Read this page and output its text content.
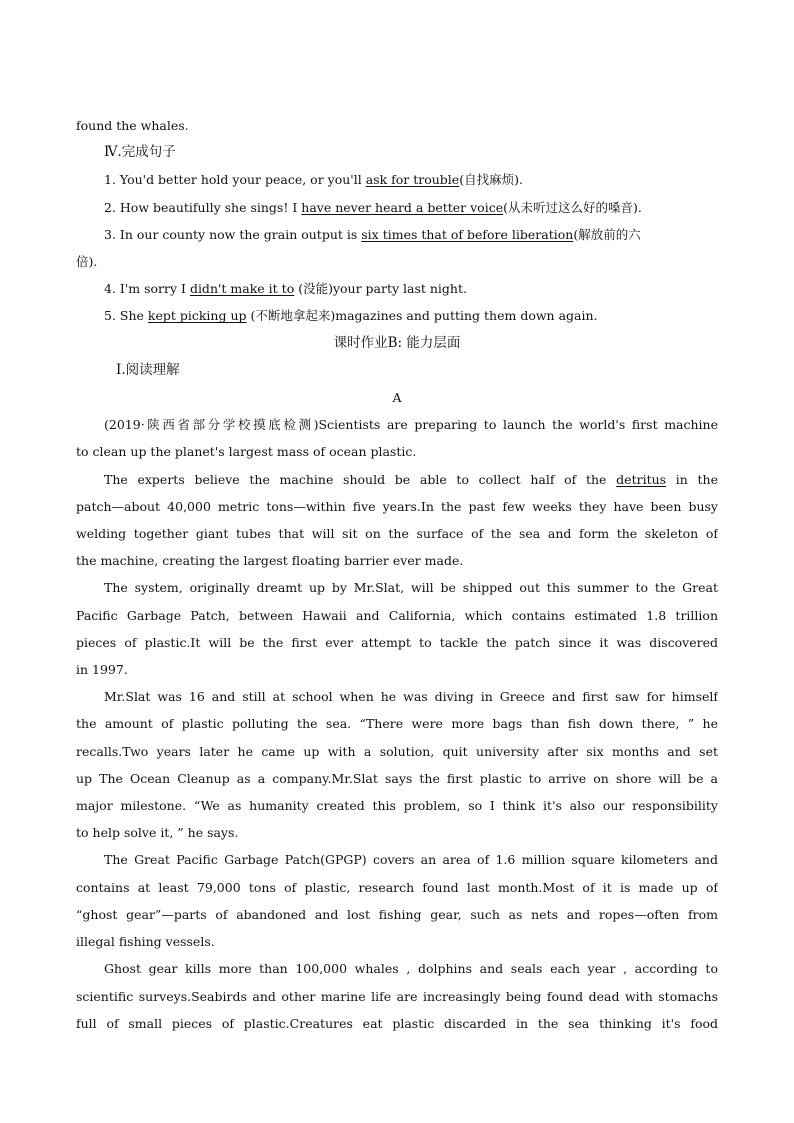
found the whales.
Ⅳ.完成句子
1. You'd better hold your peace, or you'll ask for trouble(自找麻烦).
2. How beautifully she sings! I have never heard a better voice(从未听过这么好的嗓音).
3. In our county now the grain output is six times that of before liberation(解放前的六
倍).
4. I'm sorry I didn't make it to (没能)your party last night.
5. She kept picking up (不断地拿起来)magazines and putting them down again.
课时作业B: 能力层面
Ⅰ.阅读理解
A
(2019·陕西省部分学校摸底检测)Scientists are preparing to launch the world's first machine
to clean up the planet's largest mass of ocean plastic.
The experts believe the machine should be able to collect half of the detritus in the
patch—about 40,000 metric tons—within five years.In the past few weeks they have been busy
welding together giant tubes that will sit on the surface of the sea and form the skeleton of
the machine, creating the largest floating barrier ever made.
The system, originally dreamt up by Mr.Slat, will be shipped out this summer to the Great
Pacific Garbage Patch, between Hawaii and California, which contains estimated 1.8 trillion
pieces of plastic.It will be the first ever attempt to tackle the patch since it was discovered
in 1997.
Mr.Slat was 16 and still at school when he was diving in Greece and first saw for himself
the amount of plastic polluting the sea. “There were more bags than fish down there, ” he
recalls.Two years later he came up with a solution, quit university after six months and set
up The Ocean Cleanup as a company.Mr.Slat says the first plastic to arrive on shore will be a
major milestone. “We as humanity created this problem, so I think it's also our responsibility
to help solve it, ” he says.
The Great Pacific Garbage Patch(GPGP) covers an area of 1.6 million square kilometers and
contains at least 79,000 tons of plastic, research found last month.Most of it is made up of
“ghost gear”—parts of abandoned and lost fishing gear, such as nets and ropes—often from
illegal fishing vessels.
Ghost gear kills more than 100,000 whales , dolphins and seals each year , according to
scientific surveys.Seabirds and other marine life are increasingly being found dead with stomachs
full of small pieces of plastic.Creatures eat plastic discarded in the sea thinking it's food
